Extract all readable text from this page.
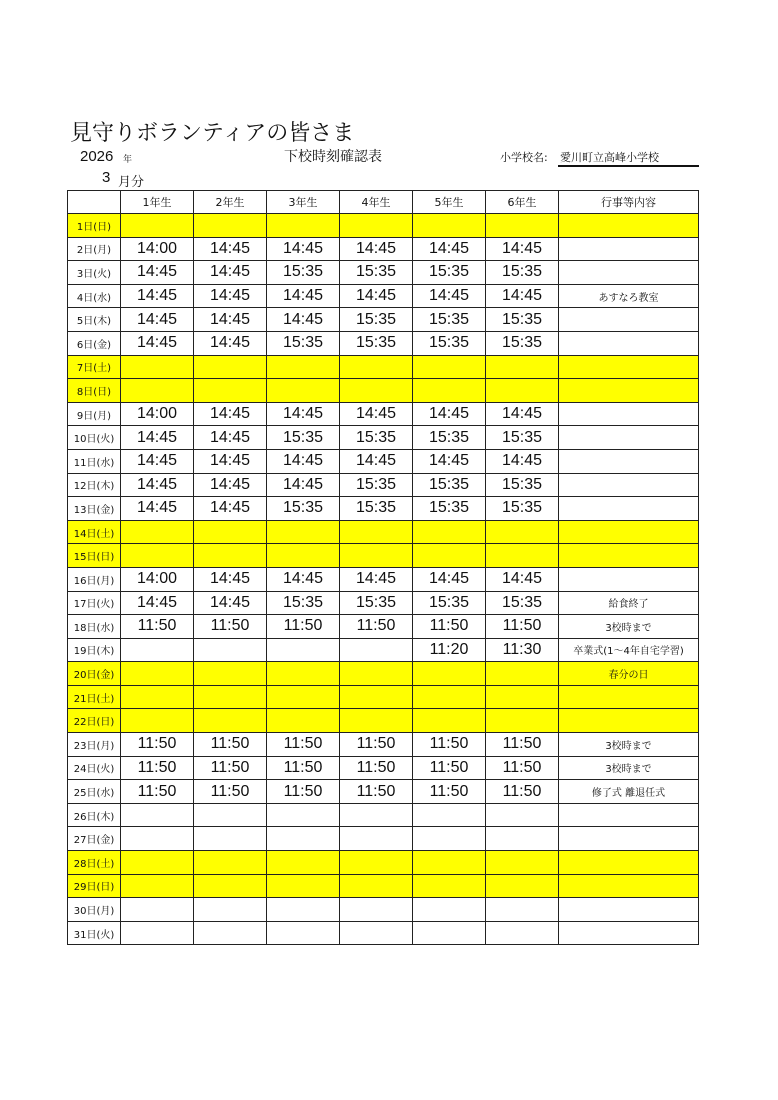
見守りボランティアの皆さま
2026 年	下校時刻確認表	小学校名: 愛川町立高峰小学校
3 月分
	1年生	2年生	3年生	4年生	5年生	6年生	行事等内容
1日(日)							
2日(月)	14:00	14:45	14:45	14:45	14:45	14:45	
3日(火)	14:45	14:45	15:35	15:35	15:35	15:35	
4日(水)	14:45	14:45	14:45	14:45	14:45	14:45	あすなろ教室
5日(木)	14:45	14:45	14:45	15:35	15:35	15:35	
6日(金)	14:45	14:45	15:35	15:35	15:35	15:35	
7日(土)							
8日(日)							
9日(月)	14:00	14:45	14:45	14:45	14:45	14:45	
10日(火)	14:45	14:45	15:35	15:35	15:35	15:35	
11日(水)	14:45	14:45	14:45	14:45	14:45	14:45	
12日(木)	14:45	14:45	14:45	15:35	15:35	15:35	
13日(金)	14:45	14:45	15:35	15:35	15:35	15:35	
14日(土)							
15日(日)							
16日(月)	14:00	14:45	14:45	14:45	14:45	14:45	
17日(火)	14:45	14:45	15:35	15:35	15:35	15:35	給食終了
18日(水)	11:50	11:50	11:50	11:50	11:50	11:50	3校時まで
19日(木)					11:20	11:30	卒業式(1～4年自宅学習)
20日(金)							春分の日
21日(土)							
22日(日)							
23日(月)	11:50	11:50	11:50	11:50	11:50	11:50	3校時まで
24日(火)	11:50	11:50	11:50	11:50	11:50	11:50	3校時まで
25日(水)	11:50	11:50	11:50	11:50	11:50	11:50	修了式 離退任式
26日(木)							
27日(金)							
28日(土)							
29日(日)							
30日(月)							
31日(火)							
